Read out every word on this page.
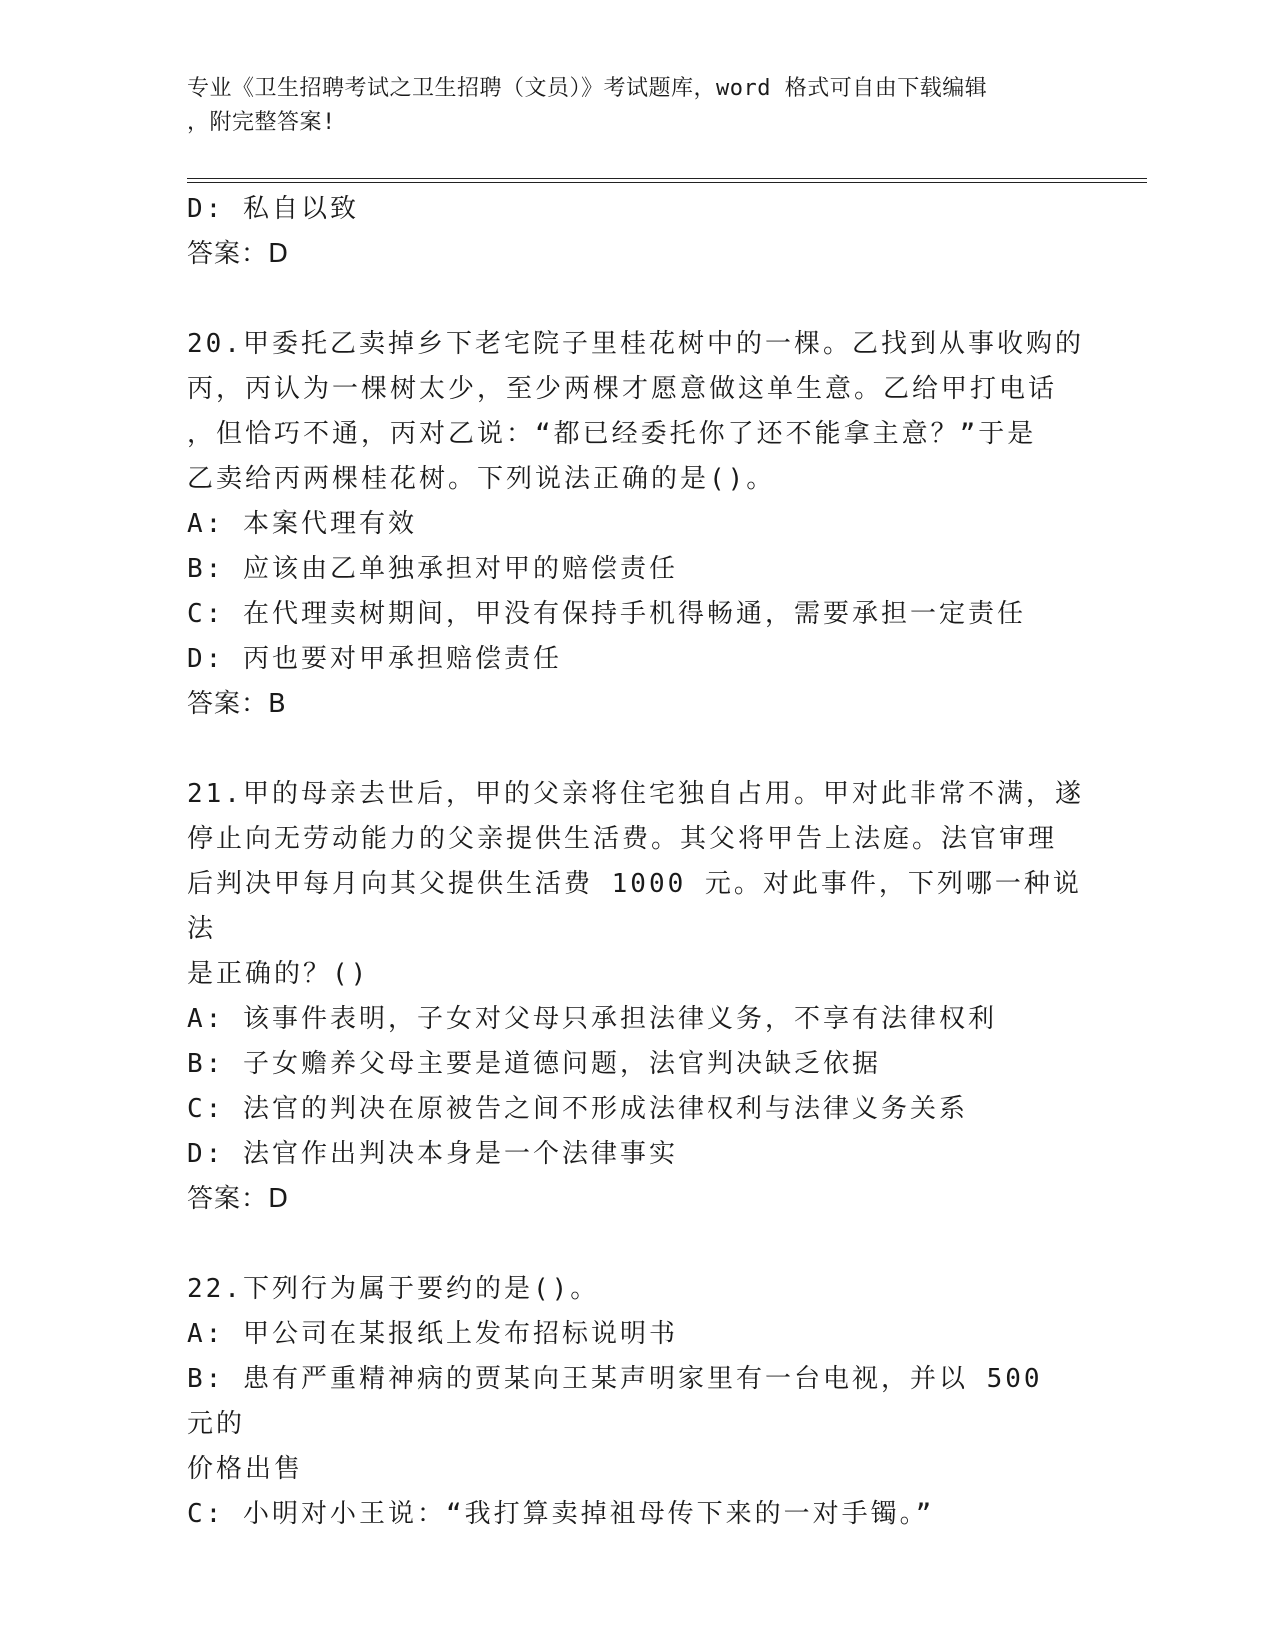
专业《卫生招聘考试之卫生招聘（文员）》考试题库，word 格式可自由下载编辑
，附完整答案!

D: 私自以致

答案：D

20.甲委托乙卖掉乡下老宅院子里桂花树中的一棵。乙找到从事收购的

丙，丙认为一棵树太少，至少两棵才愿意做这单生意。乙给甲打电话

，但恰巧不通，丙对乙说：“都已经委托你了还不能拿主意？”于是

乙卖给丙两棵桂花树。下列说法正确的是()。

A: 本案代理有效

B: 应该由乙单独承担对甲的赔偿责任

C: 在代理卖树期间，甲没有保持手机得畅通，需要承担一定责任

D: 丙也要对甲承担赔偿责任

答案：B

21.甲的母亲去世后，甲的父亲将住宅独自占用。甲对此非常不满，遂

停止向无劳动能力的父亲提供生活费。其父将甲告上法庭。法官审理

后判决甲每月向其父提供生活费 1000 元。对此事件，下列哪一种说法

是正确的？()

A: 该事件表明，子女对父母只承担法律义务，不享有法律权利

B: 子女赡养父母主要是道德问题，法官判决缺乏依据

C: 法官的判决在原被告之间不形成法律权利与法律义务关系

D: 法官作出判决本身是一个法律事实

答案：D

22.下列行为属于要约的是()。

A: 甲公司在某报纸上发布招标说明书

B: 患有严重精神病的贾某向王某声明家里有一台电视，并以 500 元的

价格出售

C: 小明对小王说：“我打算卖掉祖母传下来的一对手镯。”
